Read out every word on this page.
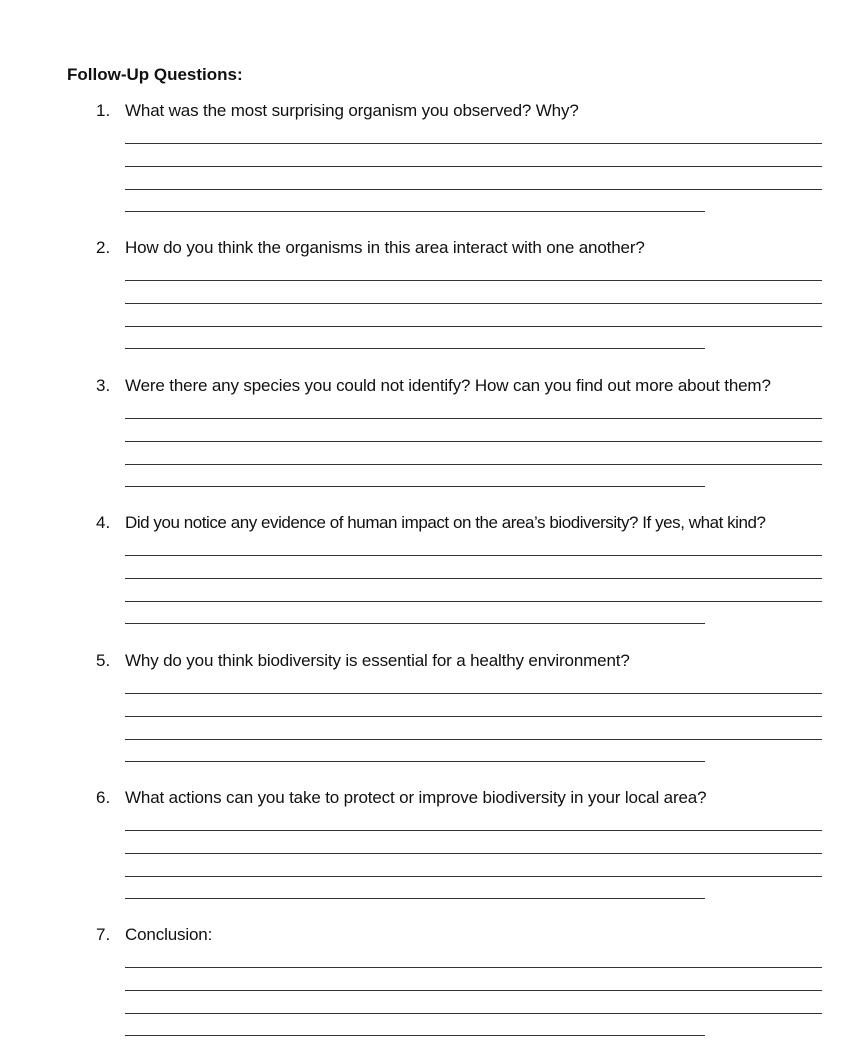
Follow-Up Questions:
1. What was the most surprising organism you observed? Why?
2. How do you think the organisms in this area interact with one another?
3. Were there any species you could not identify? How can you find out more about them?
4. Did you notice any evidence of human impact on the area’s biodiversity? If yes, what kind?
5. Why do you think biodiversity is essential for a healthy environment?
6. What actions can you take to protect or improve biodiversity in your local area?
7. Conclusion:
